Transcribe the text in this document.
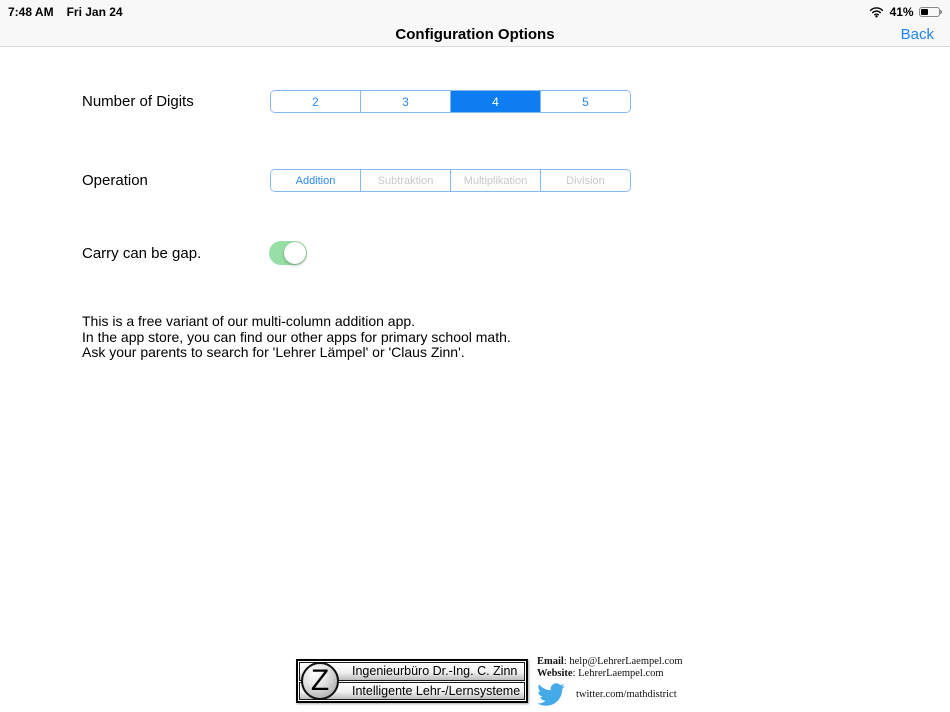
7:48 AM Fri Jan 24	41%
Configuration Options	Back
Number of Digits	2	3	4	5
Operation	Addition	Subtraktion	Multiplikation	Division
Carry can be gap.
This is a free variant of our multi-column addition app.
In the app store, you can find our other apps for primary school math.
Ask your parents to search for 'Lehrer Lämpel' or 'Claus Zinn'.
Z Ingenieurbüro Dr.-Ing. C. Zinn
Intelligente Lehr-/Lernsysteme
Email: help@LehrerLaempel.com
Website: LehrerLaempel.com
twitter.com/mathdistrict
